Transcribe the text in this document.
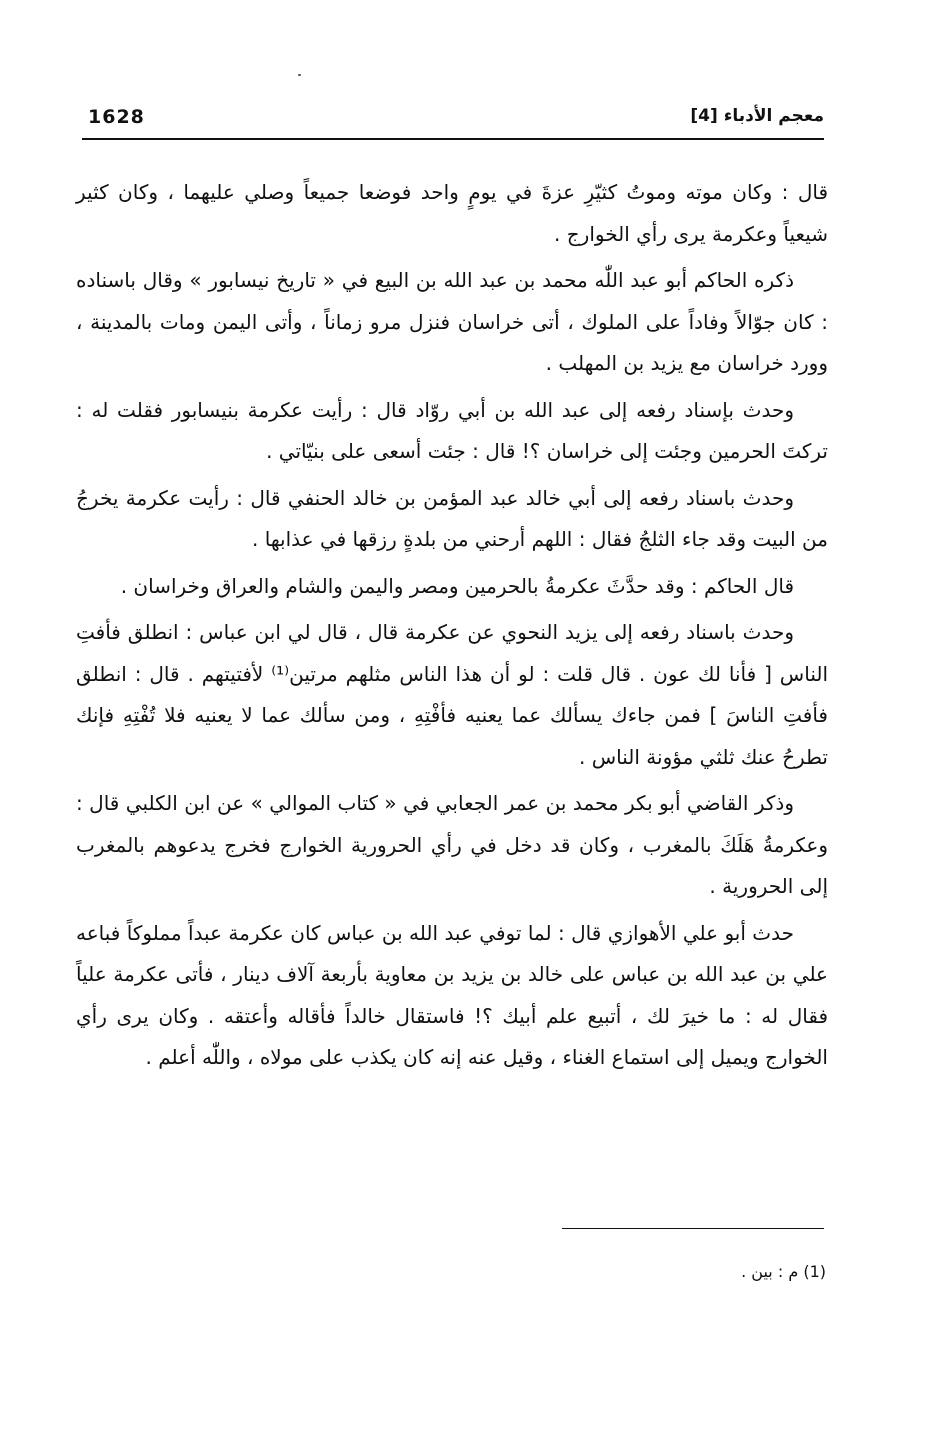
1628	معجم الأدباء [4]

قال : وكان موته وموتُ كثيّرِ عزةَ في يومٍ واحد فوضعا جميعاً وصلي عليهما ، وكان كثير شيعياً وعكرمة يرى رأي الخوارج .

ذكره الحاكم أبو عبد اللّٰه محمد بن عبد الله بن البيع في « تاريخ نيسابور » وقال باسناده : كان جوّالاً وفاداً على الملوك ، أتى خراسان فنزل مرو زماناً ، وأتى اليمن ومات بالمدينة ، وورد خراسان مع يزيد بن المهلب .

وحدث بإسناد رفعه إلى عبد الله بن أبي روّاد قال : رأيت عكرمة بنيسابور فقلت له : تركتَ الحرمين وجئت إلى خراسان ؟! قال : جئت أسعى على بنيّاتي .

وحدث باسناد رفعه إلى أبي خالد عبد المؤمن بن خالد الحنفي قال : رأيت عكرمة يخرجُ من البيت وقد جاء الثلجُ فقال : اللهم أرحني من بلدةٍ رزقها في عذابها .

قال الحاكم : وقد حدَّثَ عكرمةُ بالحرمين ومصر واليمن والشام والعراق وخراسان .

وحدث باسناد رفعه إلى يزيد النحوي عن عكرمة قال ، قال لي ابن عباس : انطلق فأفتِ الناس [ فأنا لك عون . قال قلت : لو أن هذا الناس مثلهم مرتين⁽¹⁾ لأفتيتهم . قال : انطلق فأفتِ الناسَ ] فمن جاءك يسألك عما يعنيه فأفْتِهِ ، ومن سألك عما لا يعنيه فلا تُفْتِهِ فإنك تطرحُ عنك ثلثي مؤونة الناس .

وذكر القاضي أبو بكر محمد بن عمر الجعابي في « كتاب الموالي » عن ابن الكلبي قال : وعكرمةُ هَلَكَ بالمغرب ، وكان قد دخل في رأي الحرورية الخوارج فخرج يدعوهم بالمغرب إلى الحرورية .

حدث أبو علي الأهوازي قال : لما توفي عبد الله بن عباس كان عكرمة عبداً مملوكاً فباعه علي بن عبد الله بن عباس على خالد بن يزيد بن معاوية بأربعة آلاف دينار ، فأتى عكرمة علياً فقال له : ما خيرَ لك ، أتبيع علم أبيك ؟! فاستقال خالداً فأقاله وأعتقه . وكان يرى رأي الخوارج ويميل إلى استماع الغناء ، وقيل عنه إنه كان يكذب على مولاه ، واللّٰه أعلم .

(1) م : بين .
